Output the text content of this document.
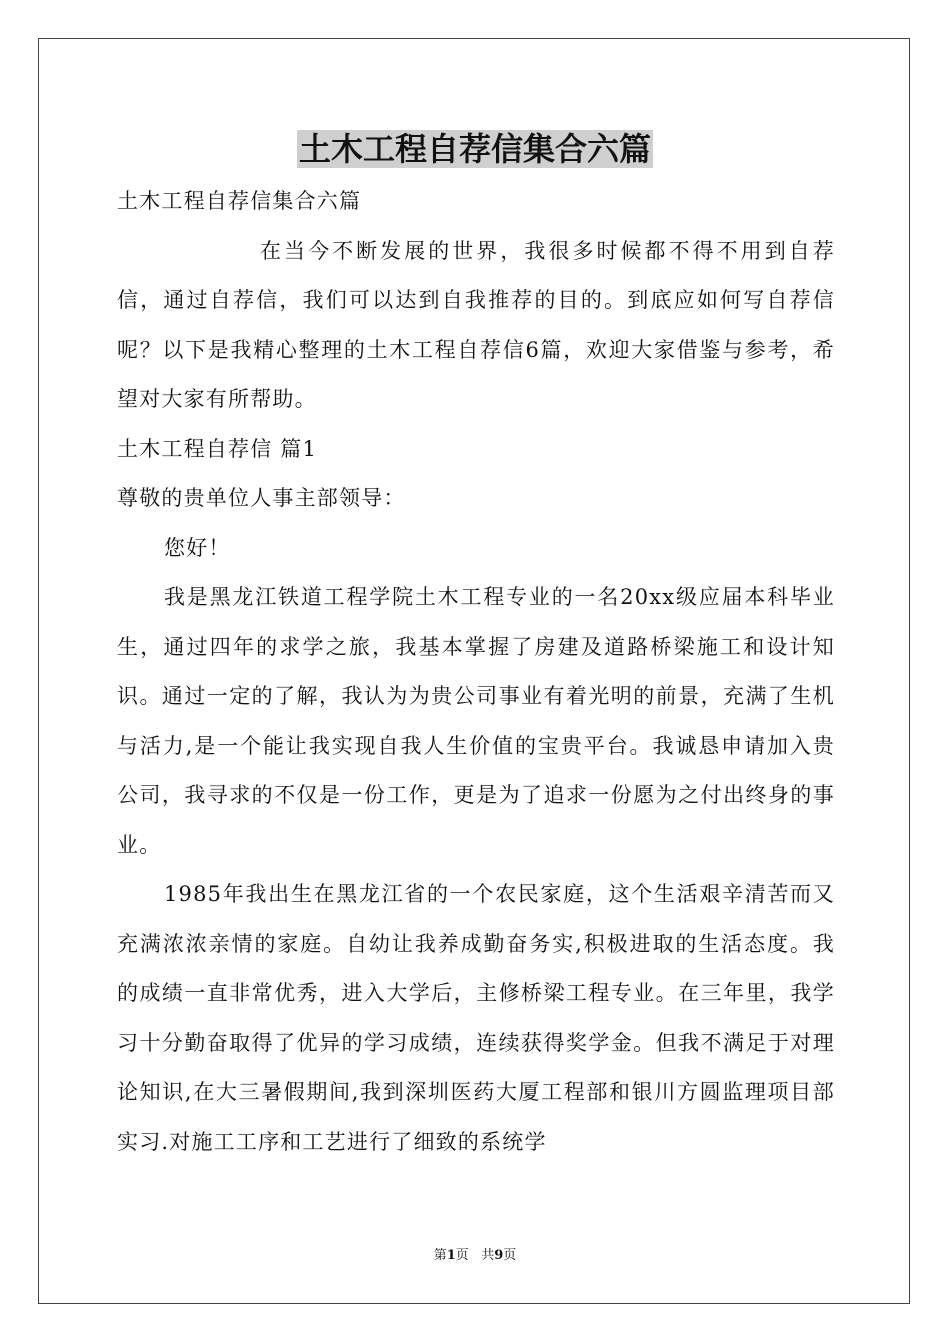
土木工程自荐信集合六篇

土木工程自荐信集合六篇

在当今不断发展的世界，我很多时候都不得不用到自荐信，通过自荐信，我们可以达到自我推荐的目的。到底应如何写自荐信呢？以下是我精心整理的土木工程自荐信6篇，欢迎大家借鉴与参考，希望对大家有所帮助。

土木工程自荐信 篇1

尊敬的贵单位人事主部领导：

您好！

我是黑龙江铁道工程学院土木工程专业的一名20xx级应届本科毕业生，通过四年的求学之旅，我基本掌握了房建及道路桥梁施工和设计知识。通过一定的了解，我认为为贵公司事业有着光明的前景，充满了生机与活力,是一个能让我实现自我人生价值的宝贵平台。我诚恳申请加入贵公司，我寻求的不仅是一份工作，更是为了追求一份愿为之付出终身的事业。

1985年我出生在黑龙江省的一个农民家庭，这个生活艰辛清苦而又充满浓浓亲情的家庭。自幼让我养成勤奋务实,积极进取的生活态度。我的成绩一直非常优秀，进入大学后，主修桥梁工程专业。在三年里，我学习十分勤奋取得了优异的学习成绩，连续获得奖学金。但我不满足于对理论知识,在大三暑假期间,我到深圳医药大厦工程部和银川方圆监理项目部实习.对施工工序和工艺进行了细致的系统学

第1页 共9页
